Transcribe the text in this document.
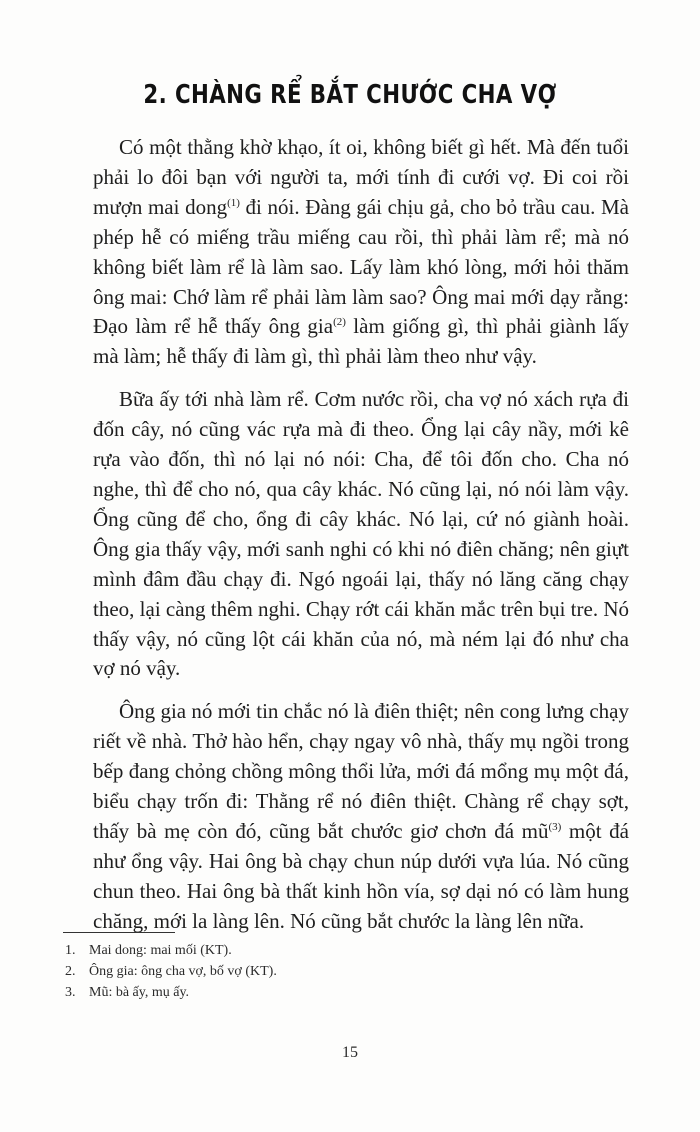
2. CHÀNG RỂ BẮT CHƯỚC CHA VỢ

Có một thằng khờ khạo, ít oi, không biết gì hết. Mà đến tuổi phải lo đôi bạn với người ta, mới tính đi cưới vợ. Đi coi rồi mượn mai dong$^{(1)}$ đi nói. Đàng gái chịu gả, cho bỏ trầu cau. Mà phép hễ có miếng trầu miếng cau rồi, thì phải làm rể; mà nó không biết làm rể là làm sao. Lấy làm khó lòng, mới hỏi thăm ông mai: Chớ làm rể phải làm làm sao? Ông mai mới dạy rằng: Đạo làm rể hễ thấy ông gia$^{(2)}$ làm giống gì, thì phải giành lấy mà làm; hễ thấy đi làm gì, thì phải làm theo như vậy.

Bữa ấy tới nhà làm rể. Cơm nước rồi, cha vợ nó xách rựa đi đốn cây, nó cũng vác rựa mà đi theo. Ổng lại cây nầy, mới kê rựa vào đốn, thì nó lại nó nói: Cha, để tôi đốn cho. Cha nó nghe, thì để cho nó, qua cây khác. Nó cũng lại, nó nói làm vậy. Ổng cũng để cho, ổng đi cây khác. Nó lại, cứ nó giành hoài. Ông gia thấy vậy, mới sanh nghi có khi nó điên chăng; nên giựt mình đâm đầu chạy đi. Ngó ngoái lại, thấy nó lăng căng chạy theo, lại càng thêm nghi. Chạy rớt cái khăn mắc trên bụi tre. Nó thấy vậy, nó cũng lột cái khăn của nó, mà ném lại đó như cha vợ nó vậy.

Ông gia nó mới tin chắc nó là điên thiệt; nên cong lưng chạy riết về nhà. Thở hào hển, chạy ngay vô nhà, thấy mụ ngồi trong bếp đang chỏng chồng mông thổi lửa, mới đá mổng mụ một đá, biểu chạy trốn đi: Thằng rể nó điên thiệt. Chàng rể chạy sợt, thấy bà mẹ còn đó, cũng bắt chước giơ chơn đá $mũ^{(3)}$ một đá như ổng vậy. Hai ông bà chạy chun núp dưới vựa lúa. Nó cũng chun theo. Hai ông bà thất kinh hồn vía, sợ dại nó có làm hung chăng, mới la làng lên. Nó cũng bắt chước la làng lên nữa.

1. Mai dong: mai mối (KT).
2. Ông gia: ông cha vợ, bố vợ (KT).
3. Mũ: bà ấy, mụ ấy.
15
